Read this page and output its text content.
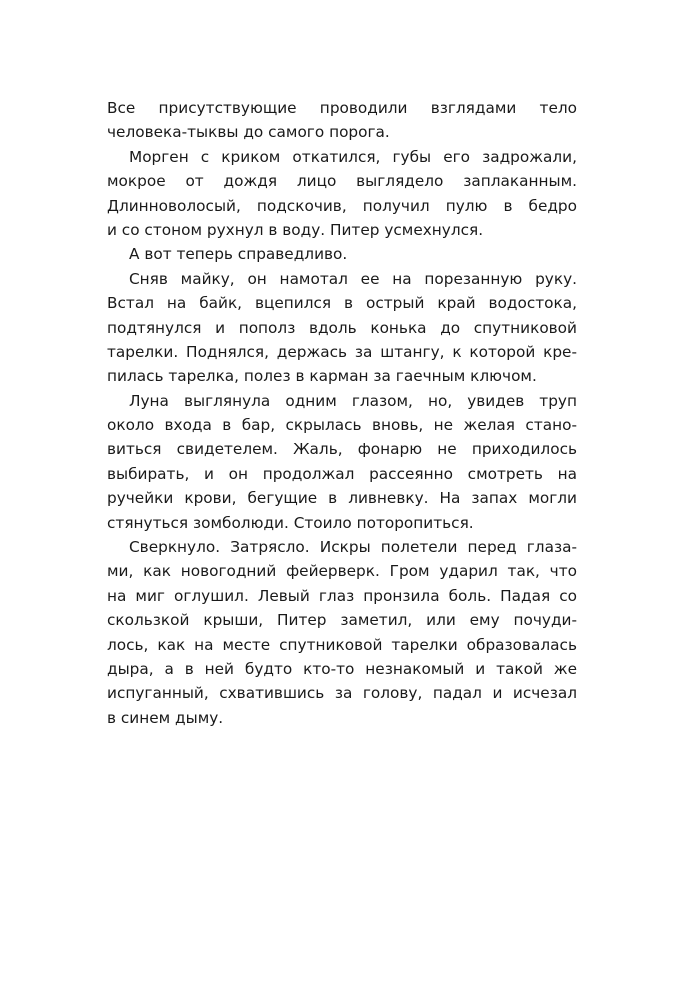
Все присутствующие проводили взглядами тело
человека-тыквы до самого порога.
Морген с криком откатился, губы его задрожали,
мокрое от дождя лицо выглядело заплаканным.
Длинноволосый, подскочив, получил пулю в бедро
и со стоном рухнул в воду. Питер усмехнулся.
А вот теперь справедливо.
Сняв майку, он намотал ее на порезанную руку.
Встал на байк, вцепился в острый край водостока,
подтянулся и пополз вдоль конька до спутниковой
тарелки. Поднялся, держась за штангу, к которой кре-
пилась тарелка, полез в карман за гаечным ключом.
Луна выглянула одним глазом, но, увидев труп
около входа в бар, скрылась вновь, не желая стано-
виться свидетелем. Жаль, фонарю не приходилось
выбирать, и он продолжал рассеянно смотреть на
ручейки крови, бегущие в ливневку. На запах могли
стянуться зомболюди. Стоило поторопиться.
Сверкнуло. Затрясло. Искры полетели перед глаза-
ми, как новогодний фейерверк. Гром ударил так, что
на миг оглушил. Левый глаз пронзила боль. Падая со
скользкой крыши, Питер заметил, или ему почуди-
лось, как на месте спутниковой тарелки образовалась
дыра, а в ней будто кто-то незнакомый и такой же
испуганный, схватившись за голову, падал и исчезал
в синем дыму.
